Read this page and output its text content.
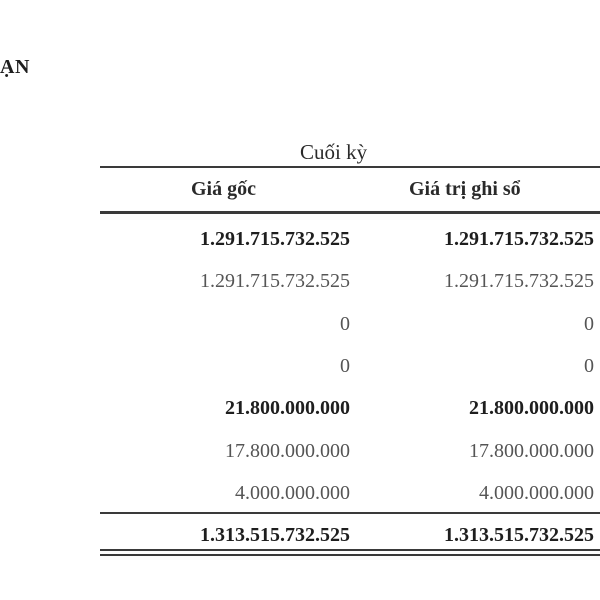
ẠN
Cuối kỳ
Giá gốc	Giá trị ghi sổ
1.291.715.732.525	1.291.715.732.525
1.291.715.732.525	1.291.715.732.525
0	0
0	0
21.800.000.000	21.800.000.000
17.800.000.000	17.800.000.000
4.000.000.000	4.000.000.000
1.313.515.732.525	1.313.515.732.525
